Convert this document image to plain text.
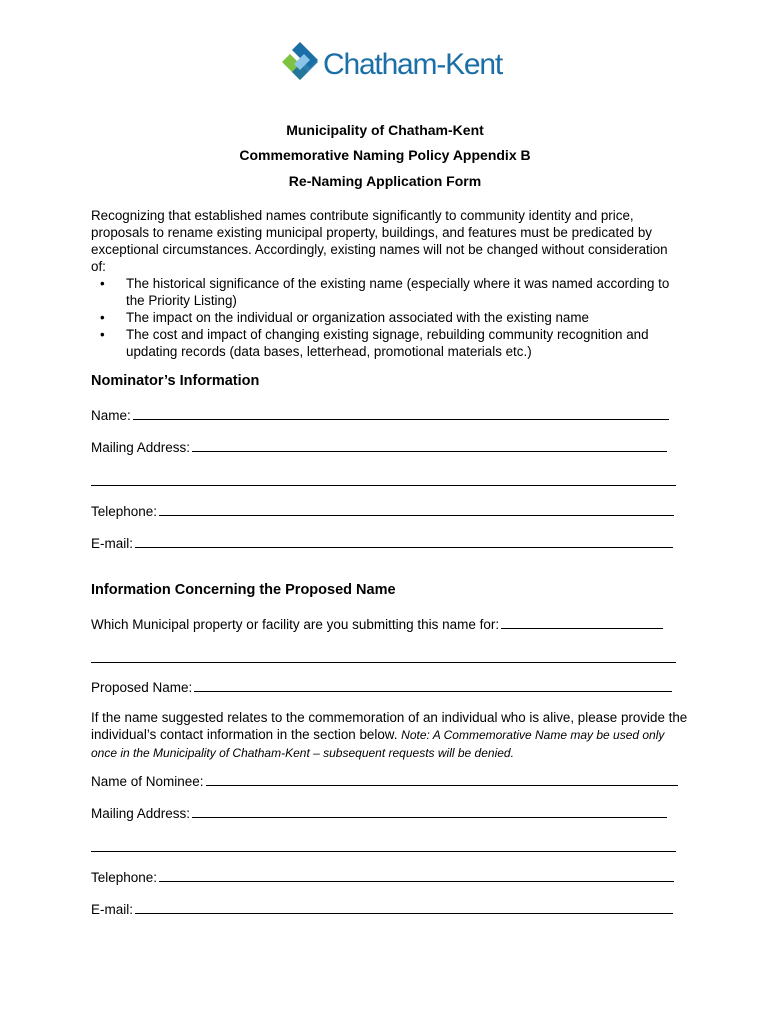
Chatham-Kent
Municipality of Chatham-Kent
Commemorative Naming Policy Appendix B
Re-Naming Application Form

Recognizing that established names contribute significantly to community identity and price, proposals to rename existing municipal property, buildings, and features must be predicated by exceptional circumstances. Accordingly, existing names will not be changed without consideration of:

• The historical significance of the existing name (especially where it was named according to the Priority Listing)
• The impact on the individual or organization associated with the existing name
• The cost and impact of changing existing signage, rebuilding community recognition and updating records (data bases, letterhead, promotional materials etc.)
Nominator’s Information
Name:
Mailing Address:
Telephone:
E-mail:
Information Concerning the Proposed Name
Which Municipal property or facility are you submitting this name for:
Proposed Name:
If the name suggested relates to the commemoration of an individual who is alive, please provide the individual’s contact information in the section below. Note: A Commemorative Name may be used only once in the Municipality of Chatham-Kent – subsequent requests will be denied.
Name of Nominee:
Mailing Address:
Telephone:
E-mail:
